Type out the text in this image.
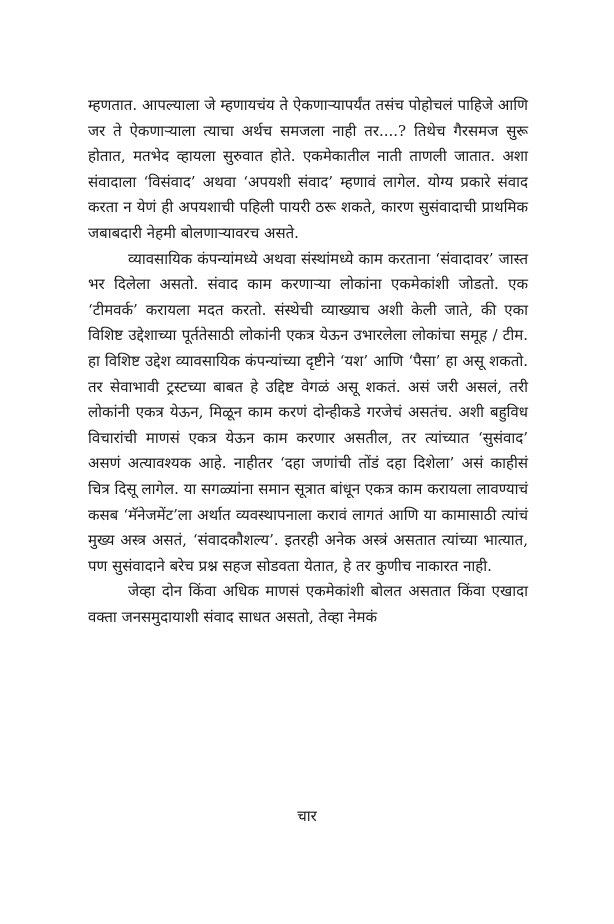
म्हणतात. आपल्याला जे म्हणायचंय ते ऐकणाऱ्यापर्यंत तसंच पोहोचलं पाहिजे आणि जर ते ऐकणाऱ्याला त्याचा अर्थच समजला नाही तर....? तिथेच गैरसमज सुरू होतात, मतभेद व्हायला सुरुवात होते. एकमेकातील नाती ताणली जातात. अशा संवादाला ‘विसंवाद’ अथवा ‘अपयशी संवाद’ म्हणावं लागेल. योग्य प्रकारे संवाद करता न येणं ही अपयशाची पहिली पायरी ठरू शकते, कारण सुसंवादाची प्राथमिक जबाबदारी नेहमी बोलणाऱ्यावरच असते.

व्यावसायिक कंपन्यांमध्ये अथवा संस्थांमध्ये काम करताना ‘संवादावर’ जास्त भर दिलेला असतो. संवाद काम करणाऱ्या लोकांना एकमेकांशी जोडतो. एक ‘टीमवर्क’ करायला मदत करतो. संस्थेची व्याख्याच अशी केली जाते, की एका विशिष्ट उद्देशाच्या पूर्ततेसाठी लोकांनी एकत्र येऊन उभारलेला लोकांचा समूह / टीम. हा विशिष्ट उद्देश व्यावसायिक कंपन्यांच्या दृष्टीने ‘यश’ आणि ‘पैसा’ हा असू शकतो. तर सेवाभावी ट्रस्टच्या बाबत हे उद्दिष्ट वेगळं असू शकतं. असं जरी असलं, तरी लोकांनी एकत्र येऊन, मिळून काम करणं दोन्हीकडे गरजेचं असतंच. अशी बहुविध विचारांची माणसं एकत्र येऊन काम करणार असतील, तर त्यांच्यात ‘सुसंवाद’ असणं अत्यावश्यक आहे. नाहीतर ‘दहा जणांची तोंडं दहा दिशेला’ असं काहीसं चित्र दिसू लागेल. या सगळ्यांना समान सूत्रात बांधून एकत्र काम करायला लावण्याचं कसब ‘मॅनेजमेंट’ला अर्थात व्यवस्थापनाला करावं लागतं आणि या कामासाठी त्यांचं मुख्य अस्त्र असतं, ‘संवादकौशल्य’. इतरही अनेक अस्त्रं असतात त्यांच्या भात्यात, पण सुसंवादाने बरेच प्रश्न सहज सोडवता येतात, हे तर कुणीच नाकारत नाही.

जेव्हा दोन किंवा अधिक माणसं एकमेकांशी बोलत असतात किंवा एखादा वक्ता जनसमुदायाशी संवाद साधत असतो, तेव्हा नेमकं

चार
